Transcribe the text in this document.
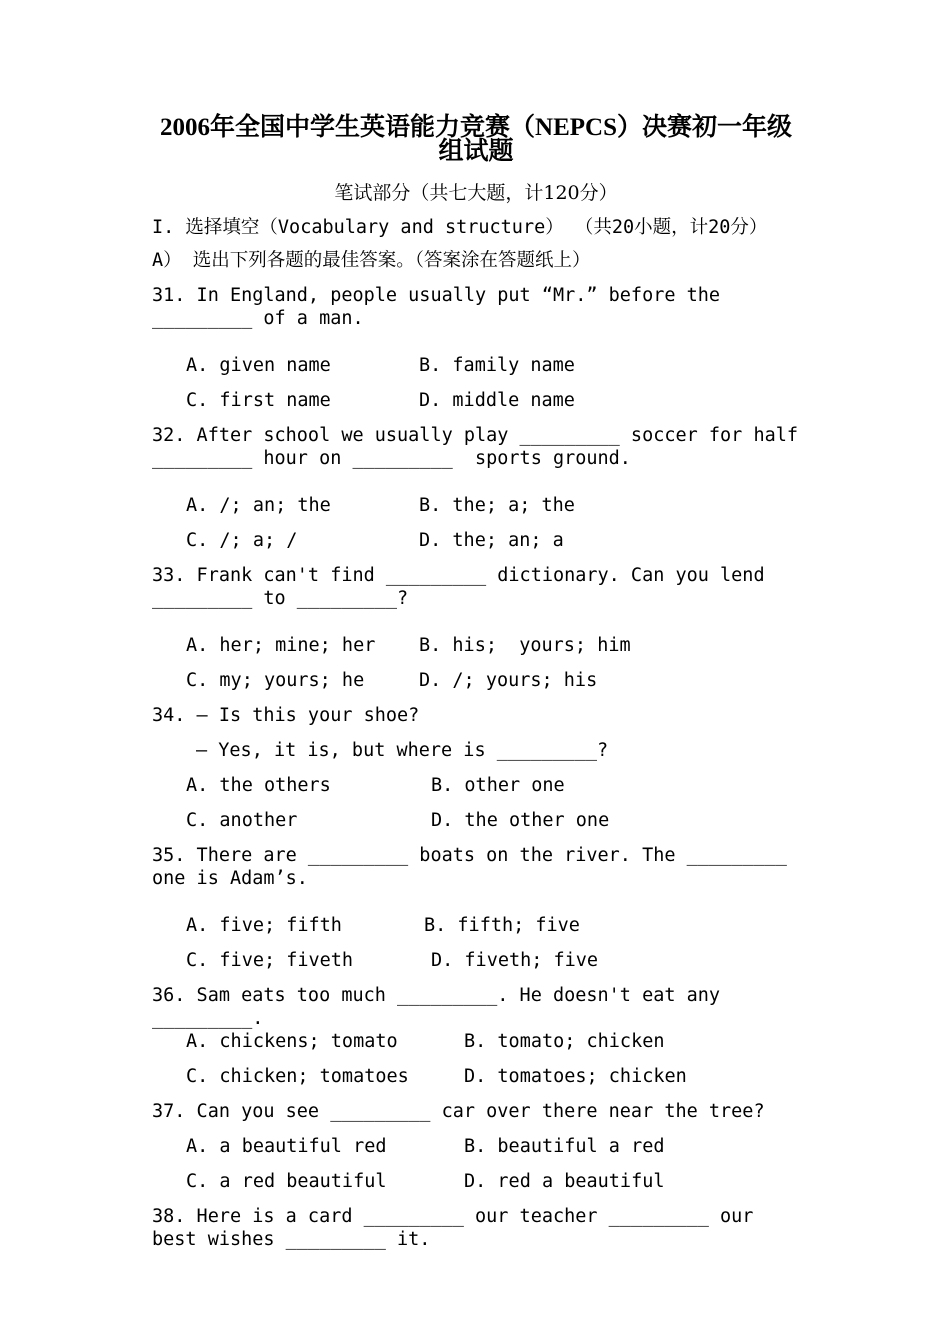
2006年全国中学生英语能力竞赛（NEPCS）决赛初一年级
组试题
笔试部分（共七大题，计120分）
I. 选择填空（Vocabulary and structure） （共20小题，计20分）
A） 选出下列各题的最佳答案。（答案涂在答题纸上）
31. In England, people usually put “Mr.” before the _________ of a man.
A. given name	B. family name
C. first name	D. middle name
32. After school we usually play _________ soccer for half _________ hour on _________  sports ground.
A. /; an; the	B. the; a; the
C. /; a; /	D. the; an; a
33. Frank can't find _________ dictionary. Can you lend _________ to _________?
A. her; mine; her	B. his;  yours; him
C. my; yours; he	D. /; yours; his
34. — Is this your shoe?
— Yes, it is, but where is _________?
A. the others	B. other one
C. another	D. the other one
35. There are _________ boats on the river. The _________ one is Adam’s.
A. five; fifth	B. fifth; five
C. five; fiveth	D. fiveth; five
36. Sam eats too much _________. He doesn't eat any _________.
A. chickens; tomato	B. tomato; chicken
C. chicken; tomatoes	D. tomatoes; chicken
37. Can you see _________ car over there near the tree?
A. a beautiful red	B. beautiful a red
C. a red beautiful	D. red a beautiful
38. Here is a card _________ our teacher _________ our best wishes _________ it.
